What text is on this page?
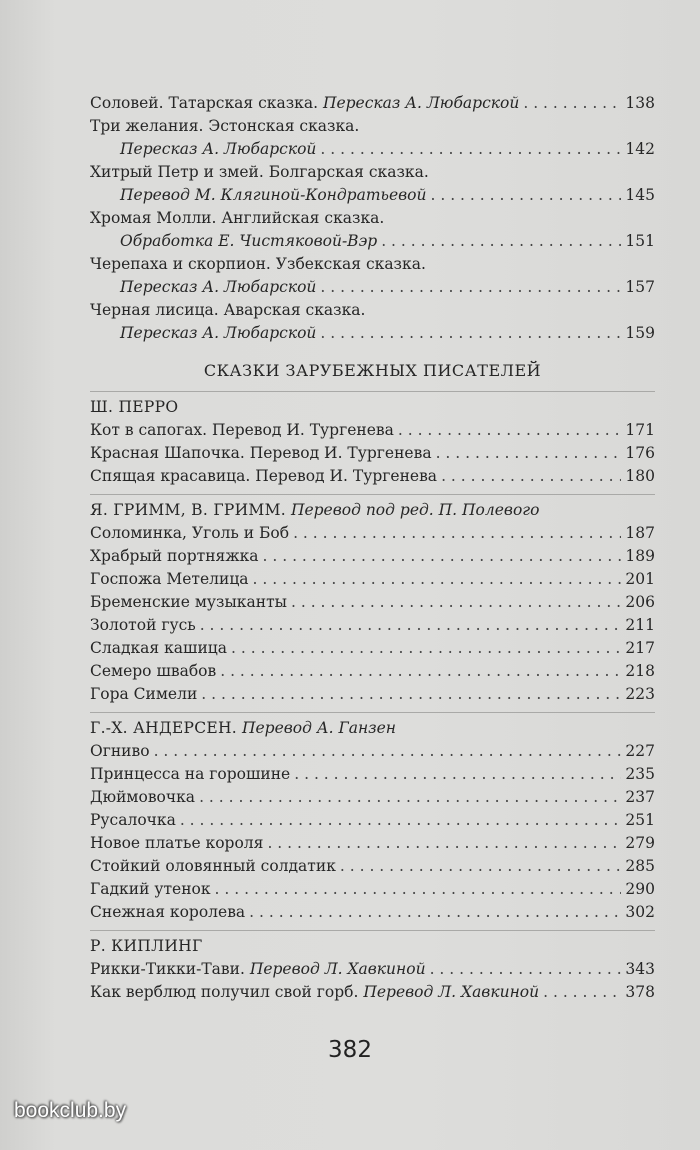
Соловей. Татарская сказка. Пересказ А. Любарской . . .	138
Три желания. Эстонская сказка.
Пересказ А. Любарской . . .	142
Хитрый Петр и змей. Болгарская сказка.
Перевод М. Клягиной-Кондратьевой . . .	145
Хромая Молли. Английская сказка.
Обработка Е. Чистяковой-Вэр . . .	151
Черепаха и скорпион. Узбекская сказка.
Пересказ А. Любарской . . .	157
Черная лисица. Аварская сказка.
Пересказ А. Любарской . . .	159
СКАЗКИ ЗАРУБЕЖНЫХ ПИСАТЕЛЕЙ
Ш. ПЕРРО
Кот в сапогах. Перевод И. Тургенева . . .	171
Красная Шапочка. Перевод И. Тургенева . . .	176
Спящая красавица. Перевод И. Тургенева . . .	180
Я. ГРИММ, В. ГРИММ. Перевод под ред. П. Полевого
Соломинка, Уголь и Боб . . .	187
Храбрый портняжка . . .	189
Госпожа Метелица . . .	201
Бременские музыканты . . .	206
Золотой гусь . . .	211
Сладкая кашица . . .	217
Семеро швабов . . .	218
Гора Симели . . .	223
Г.-Х. АНДЕРСЕН. Перевод А. Ганзен
Огниво . . .	227
Принцесса на горошине . . .	235
Дюймовочка . . .	237
Русалочка . . .	251
Новое платье короля . . .	279
Стойкий оловянный солдатик . . .	285
Гадкий утенок . . .	290
Снежная королева . . .	302
Р. КИПЛИНГ
Рикки-Тикки-Тави. Перевод Л. Хавкиной . . .	343
Как верблюд получил свой горб. Перевод Л. Хавкиной . . .	378
382
bookclub.by
